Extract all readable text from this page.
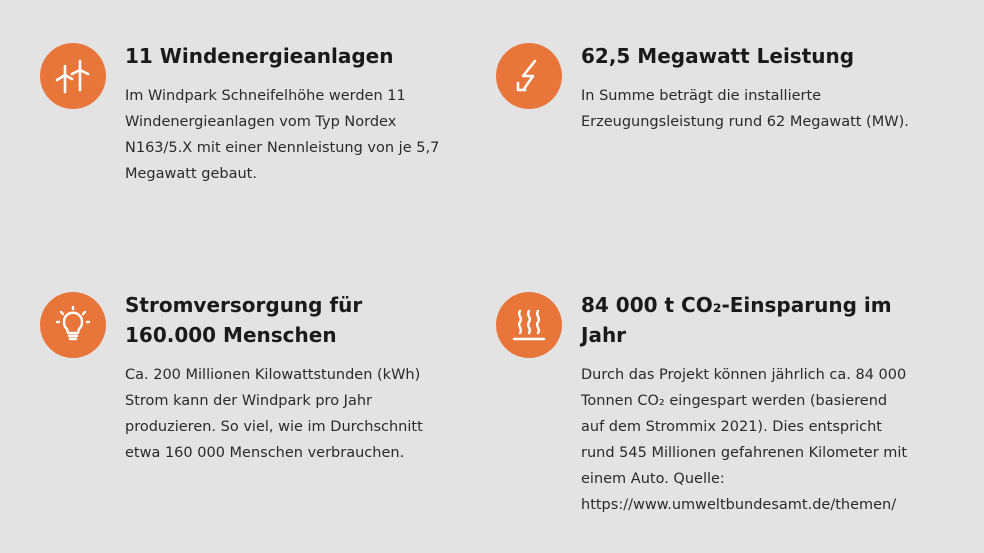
11 Windenergieanlagen

Im Windpark Schneifelhöhe werden 11 Windenergieanlagen vom Typ Nordex N163/5.X mit einer Nennleistung von je 5,7 Megawatt gebaut.

62,5 Megawatt Leistung

In Summe beträgt die installierte Erzeugungsleistung rund 62 Megawatt (MW).

Stromversorgung für 160.000 Menschen

Ca. 200 Millionen Kilowattstunden (kWh) Strom kann der Windpark pro Jahr produzieren. So viel, wie im Durchschnitt etwa 160 000 Menschen verbrauchen.

84 000 t CO₂-Einsparung im Jahr

Durch das Projekt können jährlich ca. 84 000 Tonnen CO₂ eingespart werden (basierend auf dem Strommix 2021). Dies entspricht rund 545 Millionen gefahrenen Kilometer mit einem Auto. Quelle: https://www.umweltbundesamt.de/themen/
